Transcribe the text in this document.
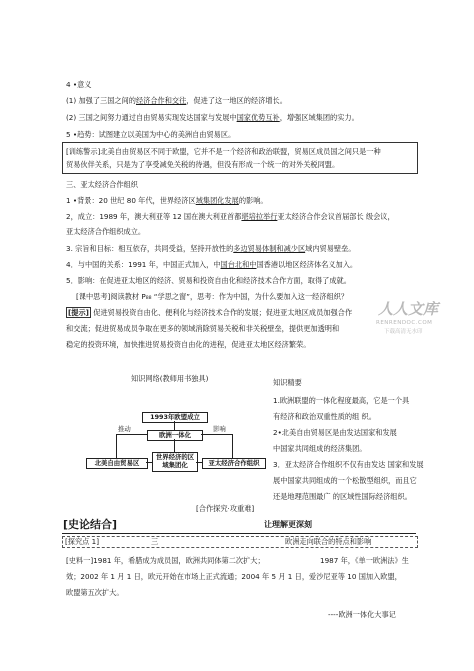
4 •意义
(1) 加强了三国之间的经济合作和交往，促进了这一地区的经济增长。
(2) 三国之间努力通过自由贸易实现发达国家与发展中国家优势互补，增强区域集团的实力。
5 •趋势：试图建立以美国为中心的美洲自由贸易区。
[训练警示]北美自由贸易区不同于欧盟，它并不是一个经济和政治联盟，贸易区成员国之间只是一种
贸易伙伴关系，只是为了享受减免关税的待遇，但没有形成一个统一的对外关税同盟。
三、亚太经济合作组织
1 •背景：20 世纪 80 年代，世界经济区域集团化发展的影响。
2，成立：1989 年，澳大利亚等 12 国在澳大利亚首都堪培拉举行亚太经济合作会议首届部长 级会议，
亚太经济合作组织成立。
3. 宗旨和目标：相互依存，共同受益，坚持开放性的多边贸易体制和减少区域内贸易壁垒。
4．与中国的关系：1991 年，中国正式加入，中国台北和中国香港以地区经济体名义加入。
5．影响：在促进亚太地区的经济、贸易和投资自由化和经济技术合作方面，取得了成就。
[课中思考]阅读教材 P₈₈ “学思之窗”，思考：作为中国，为什么要加入这一经济组织？
[提示] 促进贸易投资自由化、便利化与经济技术合作的发展；促进亚太地区成员加强合作
和交流；促进贸易成员争取在更多的领域消除贸易关税和非关税壁垒，提供更加透明和
稳定的投资环境，加快推进贸易投资自由化的进程，促进亚太地区经济繁荣。
人人文库
RENRENDOC.COM
下载高清无水印
知识网络(教师用书独具)
1993年欧盟成立
欧洲一体化
推动	影响
北美自由贸易区
世界经济的区域集团化	亚太经济合作组织
[合作探究·攻重难]
知识精要
1.欧洲联盟的一体化程度最高，它是一个具
有经济和政治双重性质的组 织。
2•北美自由贸易区是由发达国家和发展
中国家共同组成的经济集团。
3．亚太经济合作组织不仅有由发达 国家和发展
展中国家共同组成的一个松散型组织，而且它
还是地理范围最广 的区域性国际经济组织。
[史论结合]	让理解更深刻
[探究点 1]	三	欧洲走向联合的特点和影响
[史料一]1981 年，希腊成为成员国，欧洲共同体第二次扩大；	1987 年，《单一欧洲法》生
效；2002 年 1 月 1 日，欧元开始在市场上正式流通；2004 年 5 月 1 日，爱沙尼亚等 10 国加入欧盟，
欧盟第五次扩大。
----欧洲一体化大事记
